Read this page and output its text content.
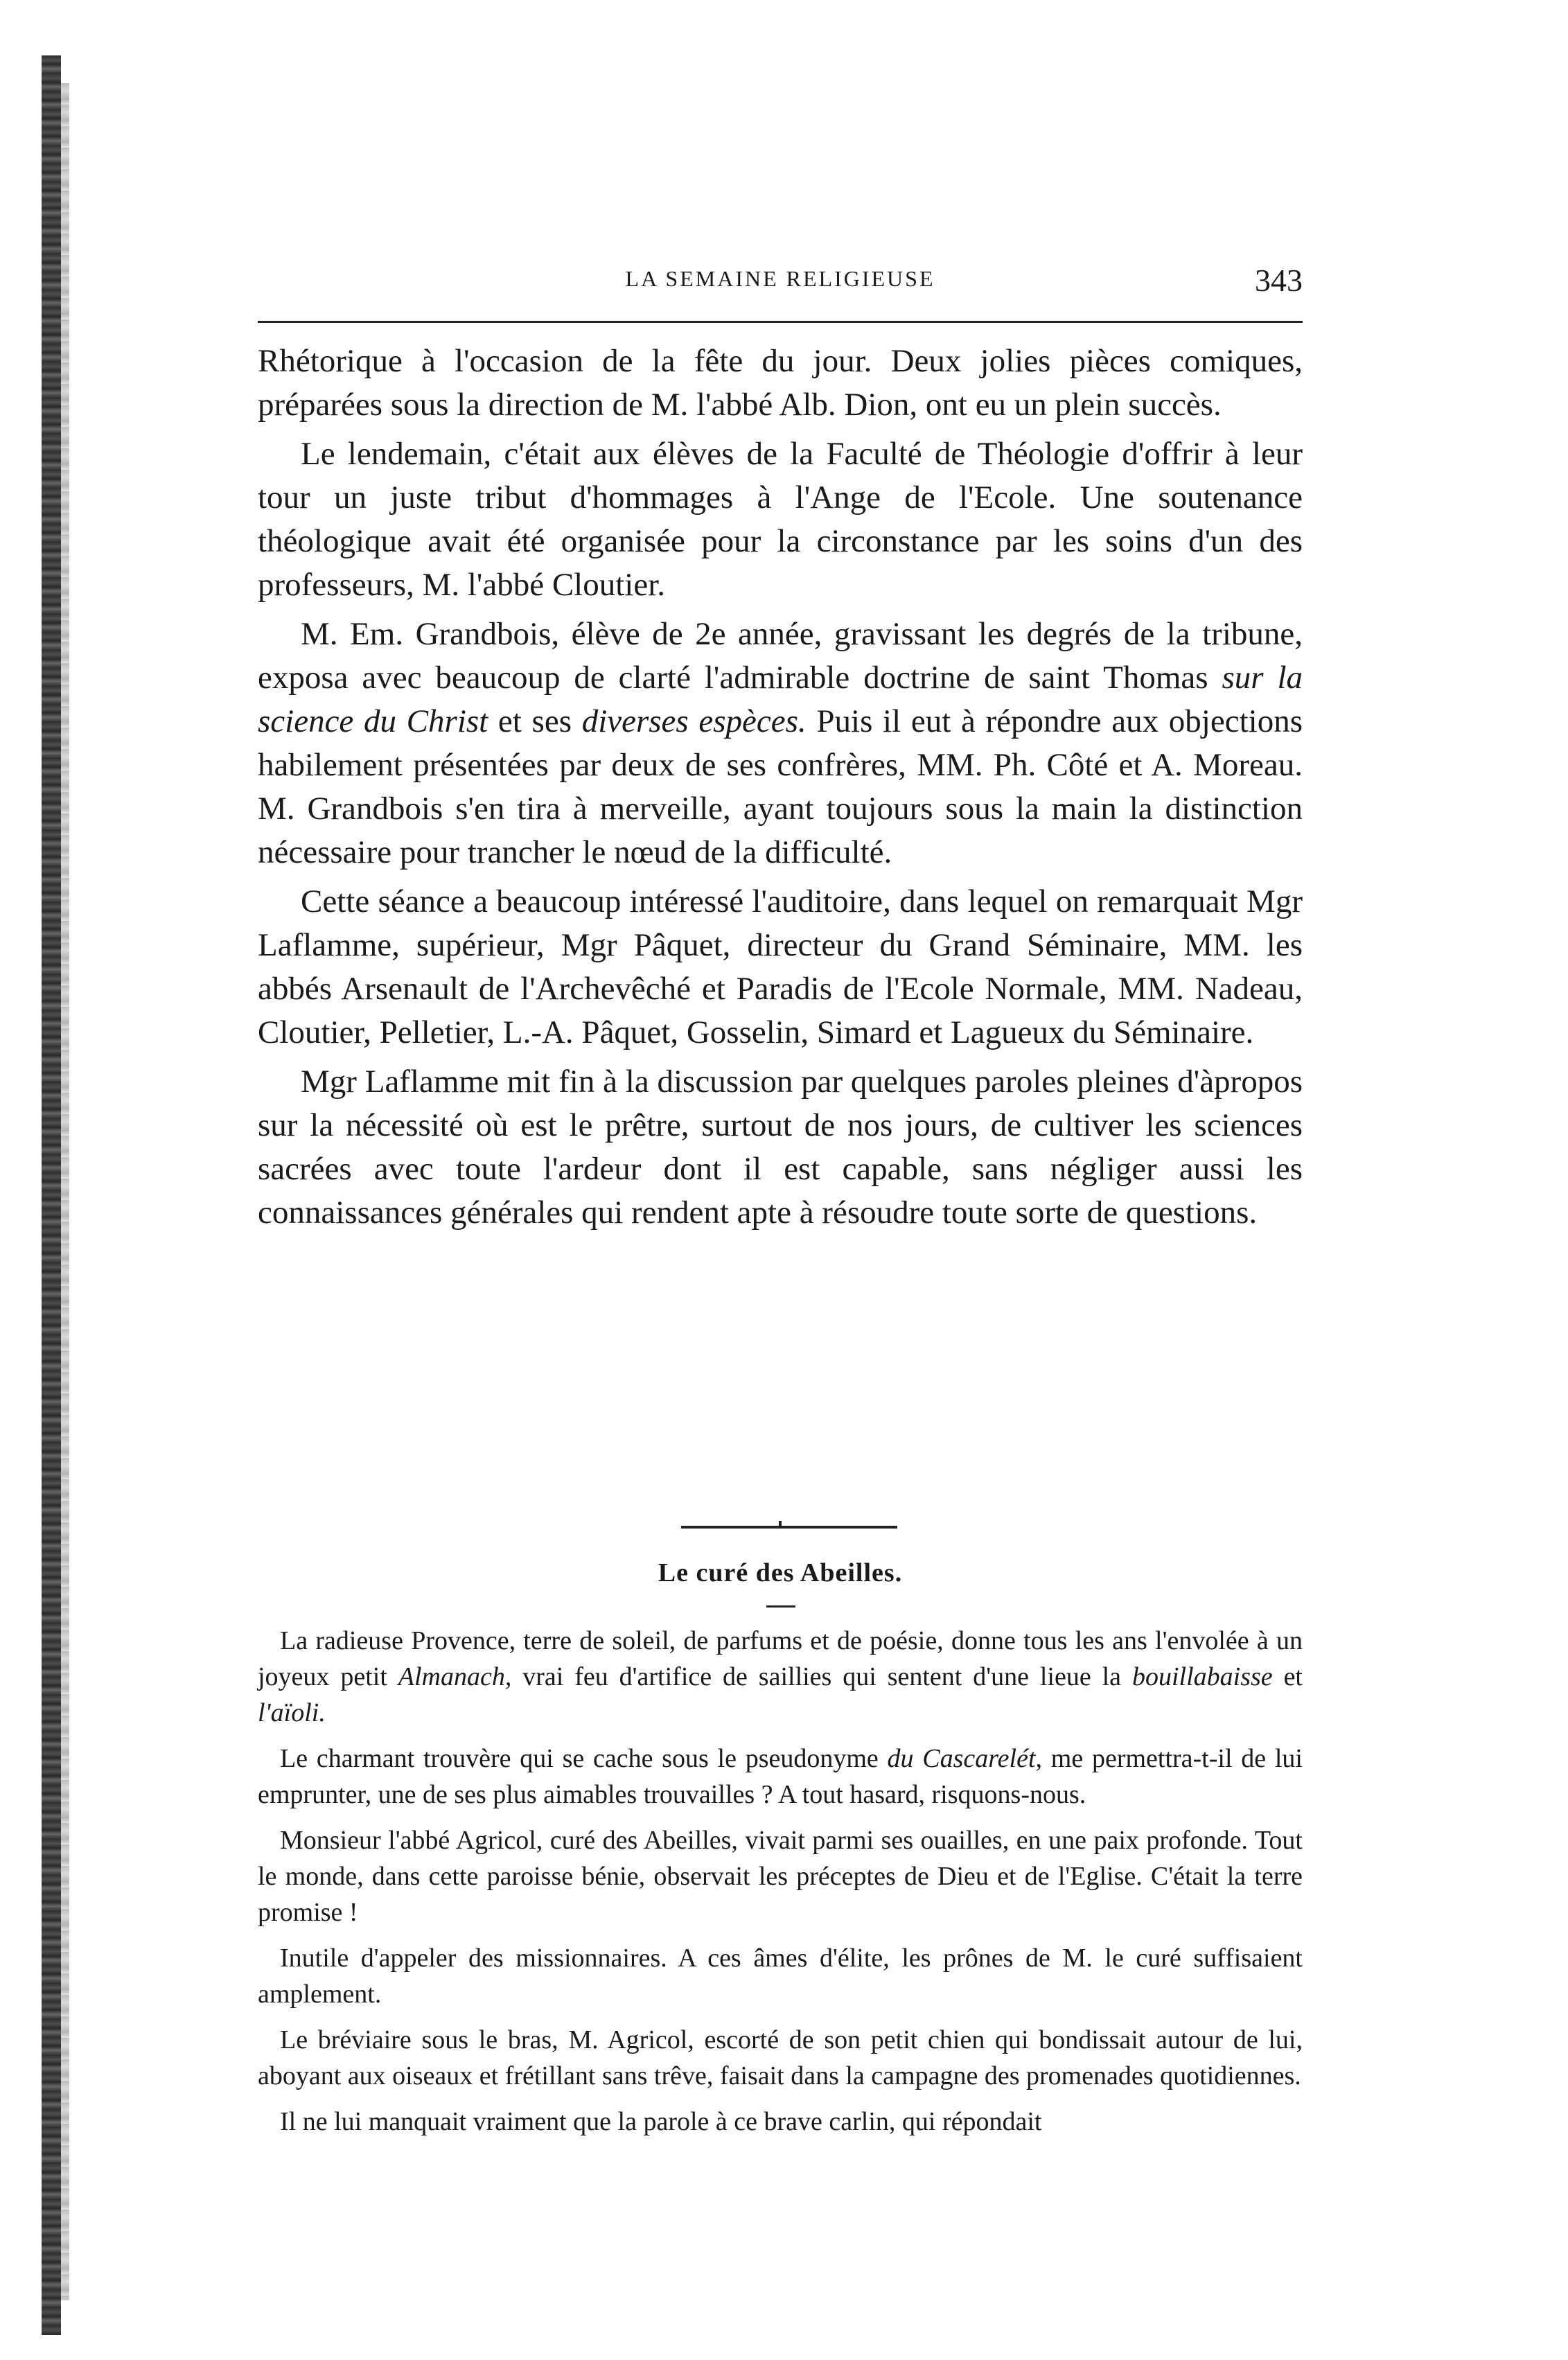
LA SEMAINE RELIGIEUSE	343

Rhétorique à l'occasion de la fête du jour. Deux jolies pièces comiques, préparées sous la direction de M. l'abbé Alb. Dion, ont eu un plein succès.

Le lendemain, c'était aux élèves de la Faculté de Théologie d'offrir à leur tour un juste tribut d'hommages à l'Ange de l'Ecole. Une soutenance théologique avait été organisée pour la circonstance par les soins d'un des professeurs, M. l'abbé Cloutier.

M. Em. Grandbois, élève de 2e année, gravissant les degrés de la tribune, exposa avec beaucoup de clarté l'admirable doctrine de saint Thomas sur la science du Christ et ses diverses espèces. Puis il eut à répondre aux objections habilement présentées par deux de ses confrères, MM. Ph. Côté et A. Moreau. M. Grandbois s'en tira à merveille, ayant toujours sous la main la distinction nécessaire pour trancher le nœud de la difficulté.

Cette séance a beaucoup intéressé l'auditoire, dans lequel on remarquait Mgr Laflamme, supérieur, Mgr Pâquet, directeur du Grand Séminaire, MM. les abbés Arsenault de l'Archevêché et Paradis de l'Ecole Normale, MM. Nadeau, Cloutier, Pelletier, L.-A. Pâquet, Gosselin, Simard et Lagueux du Séminaire.

Mgr Laflamme mit fin à la discussion par quelques paroles pleines d'àpropos sur la nécessité où est le prêtre, surtout de nos jours, de cultiver les sciences sacrées avec toute l'ardeur dont il est capable, sans négliger aussi les connaissances générales qui rendent apte à résoudre toute sorte de questions.

Le curé des Abeilles.

La radieuse Provence, terre de soleil, de parfums et de poésie, donne tous les ans l'envolée à un joyeux petit Almanach, vrai feu d'artifice de saillies qui sentent d'une lieue la bouillabaisse et l'aïoli.

Le charmant trouvère qui se cache sous le pseudonyme du Cascarelét, me permettra-t-il de lui emprunter, une de ses plus aimables trouvailles ? A tout hasard, risquons-nous.

Monsieur l'abbé Agricol, curé des Abeilles, vivait parmi ses ouailles, en une paix profonde. Tout le monde, dans cette paroisse bénie, observait les préceptes de Dieu et de l'Eglise. C'était la terre promise !

Inutile d'appeler des missionnaires. A ces âmes d'élite, les prônes de M. le curé suffisaient amplement.

Le bréviaire sous le bras, M. Agricol, escorté de son petit chien qui bondissait autour de lui, aboyant aux oiseaux et frétillant sans trêve, faisait dans la campagne des promenades quotidiennes.

Il ne lui manquait vraiment que la parole à ce brave carlin, qui répondait
